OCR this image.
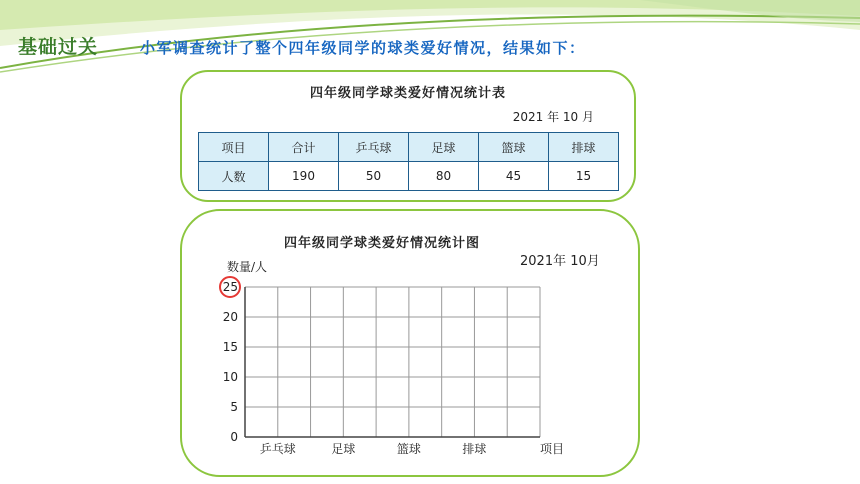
基础过关	小军调查统计了整个四年级同学的球类爱好情况，结果如下：
四年级同学球类爱好情况统计表
2021 年 10 月
项目	合计	乒乓球	足球	篮球	排球
人数	190	50	80	45	15
四年级同学球类爱好情况统计图
2021年 10月
数量/人
0
5
10
15
20
25
乒乓球	足球	篮球	排球	项目
